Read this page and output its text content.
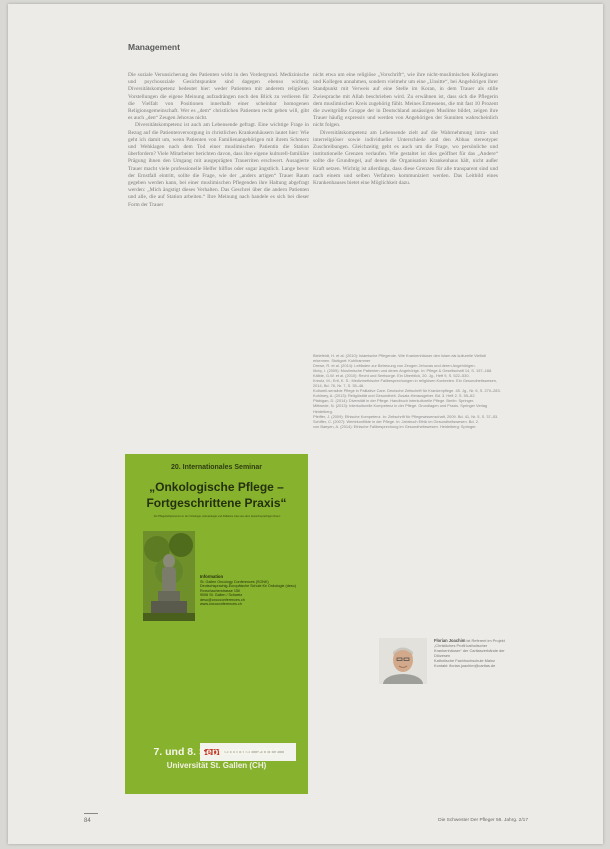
Management

Die soziale Verunsicherung des Patienten wirkt in den Vordergrund. Medizinische und psychosoziale Gesichtspunkte sind dagegen ebenso wichtig. Diversitätskompetenz bedeutet hier: weder Patienten mit anderem religiösen Vorstellungen die eigene Meinung aufzudrängen noch den Blick zu verlieren für die Vielfalt von Positionen innerhalb einer scheinbar homogenen Religionsgemeinschaft. Wer es „dem“ christlichen Patienten recht geben will, gibt es auch „den“ Zeugen Jehovas nicht.

Diversitätskompetenz ist auch am Lebensende gefragt. Eine wichtige Frage in Bezug auf die Patientenversorgung in christlichen Krankenhäusern lautet hier: Wie geht ich damit um, wenn Patienten von Familienangehörigen mit ihrem Schmerz und Wehklagen nach dem Tod einer muslimischen Patientin die Station überfordern? Viele Mitarbeiter berichten davon, dass ihre eigene kulturell-familiäre Prägung ihnen den Umgang mit ausgeprägten Trauerriten erschwert. Ausagierte Trauer macht viele professionelle Helfer hilflos oder sogar ängstlich. Lange bevor der Ernstfall eintritt, sollte die Frage, wie der „anders artigen“ Trauer Raum gegeben werden kann, bei einer muslimischen Pflegenden ihre Haltung abgefragt werden: „Mich ängstigt dieses Verhalten. Das Geschrei über die andern Patienten und alle, die auf Station arbeiten.“ Ihre Meinung nach handele es sich bei dieser Form der Trauer

nicht etwa um eine religiöse „Vorschrift“, wie ihre nicht-muslimischen Kolleginnen und Kollegen annahmen, sondern vielmehr um eine „Unsitte“, bei Angehörigen ihrer Standpunkt mit Verweis auf eine Stelle im Koran, in dem Trauer als stille Zwiesprache mit Allah beschrieben wird. Zu erwähnen ist, dass sich die Pflegerin dem muslimischen Kreis zugehörig fühlt. Meines Ermessens, die mit fast 10 Prozent die zweitgrößte Gruppe der in Deutschland ansässigen Muslime bildet, zeigen ihre Trauer häufig expressiv und werden von Angehörigen der Sunniten wahrscheinlich nicht folgen.

Diversitätskompetenz am Lebensende zielt auf die Wahrnehmung intra- und interreligiöser sowie individueller Unterschiede und den Abbau stereotyper Zuschreibungen. Gleichzeitig geht es auch um die Frage, wo persönliche und institutionelle Grenzen verlaufen. Wie gestaltet ist dies geöffnet für das „Andere“ sollte die Grundregel, auf denen die Organisation Krankenhaus hält, nicht außer Kraft setzen. Wichtig ist allerdings, dass diese Grenzen für alle transparent sind und nach einem und selben Verfahren kommuniziert werden. Das Leitbild eines Krankenhauses bietet eine Möglichkeit dazu.

Bielefeldt, H. et al. (2010): Islamische Pflegende. Wie Krankenhäuser den Islam als kulturelle Vielfalt erkennen. Stuttgart: Kohlhammer
Drewe, R. et al. (2014): Leitfaden zur Betreuung von Zeugen Jehovas und deren Angehörigen.
Ilkılıç, I. (2009): Muslimische Patienten und deren Angehörige. In: Pflege & Gesellschaft 14, S. 157–168.
Kälble, G.W. et al. (2010): Recht und Seelsorge. Ein Überblick, 20. Jg., Heft 9, S. 522–530.
Kreutz, M.; Ertl, K. S.: Medizinethische Fallbesprechungen in religiösen Kontexten. Ein Gesundheitswesen, 2014, Bd. 76, Nr. 7, S. 35–46.
Kulturell-sensible Pflege in Palliative Care. Deutsche Zeitschrift für Krankenpflege. 45. Jg., Nr. 6, S. 270–283.
Kuhlmey, A. (2013): Religiösität und Gesundheit. Zusatz-Herausgeber. Bd. 3. Heft 2, S. 55–62.
Pfabigan, D. (2014): Diversität in der Pflege. Handbuch interkulturelle Pflege. Berlin: Springer.
Mittwede, N. (2013): Interkulturelle Kompetenz in der Pflege. Grundlagen und Praxis. Springer Verlag Heidelberg.
Pfeiffer, J. (2009): Ethische Kompetenz. In: Zeitschrift für Pflegewissenschaft, 2009. Bd. 41, Nr. 5, S. 37–53.
Schiffer, C. (2007): Wertekonflikte in der Pflege. In: Jahrbuch Ethik im Gesundheitswesen. Bd. 2.
von Baeyen, A. (2014): Ethische Fallbesprechung im Gesundheitswesen. Heidelberg: Springer.
20. Internationales Seminar
„Onkologische Pflege –
Fortgeschrittene Praxis“
Für Pflegefachpersonen in der Onkologie, Hämatologie und Palliative Care aus dem deutschsprachigen Raum
Information
St. Gallen Oncology Conferences (SONK)
Deutschsprachig-Europäische Schule für Onkologie (deso)
Rorschacherstrasse 150
9006 St. Gallen / Schweiz
deso@oncoconferences.ch
www.oncoconferences.ch
7. und 8. September 2017
Universität St. Gallen (CH)
Florian Joachim ist Referent im Projekt
„Christliches Profil katholischer Krankenhäuser“ der Caritasverbände der Diözesen
Katholische Fachhochschule Mainz
Kontakt: florian.joachim@caritas.de
84	Die Schwester Der Pfleger 56. Jahrg. 2/17
